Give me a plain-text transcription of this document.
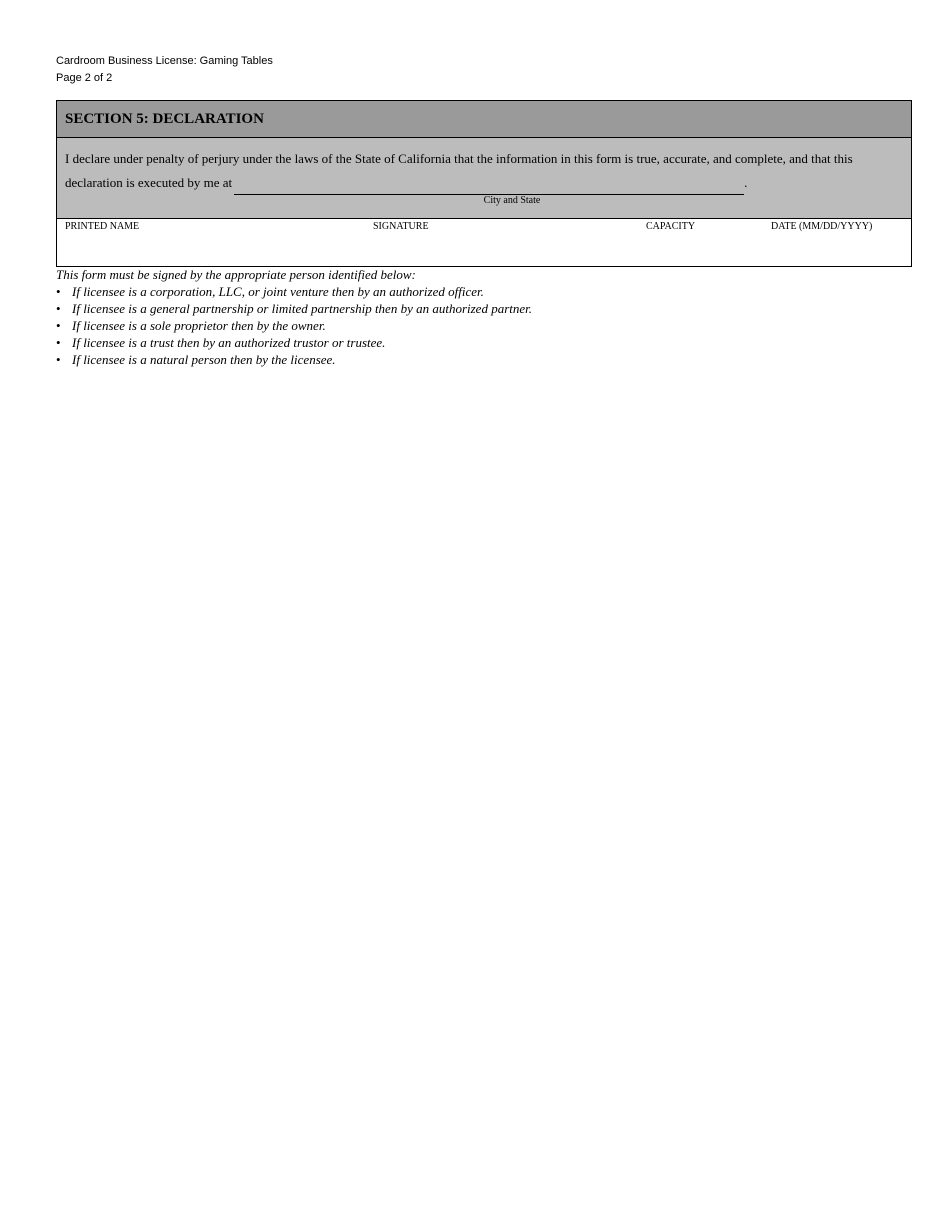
Cardroom Business License: Gaming Tables
Page 2 of 2
SECTION 5: DECLARATION
I declare under penalty of perjury under the laws of the State of California that the information in this form is true, accurate, and complete, and that this declaration is executed by me at	.
City and State
PRINTED NAME	SIGNATURE	CAPACITY	DATE (MM/DD/YYYY)

This form must be signed by the appropriate person identified below:

• If licensee is a corporation, LLC, or joint venture then by an authorized officer.
• If licensee is a general partnership or limited partnership then by an authorized partner.
• If licensee is a sole proprietor then by the owner.
• If licensee is a trust then by an authorized trustor or trustee.
• If licensee is a natural person then by the licensee.
